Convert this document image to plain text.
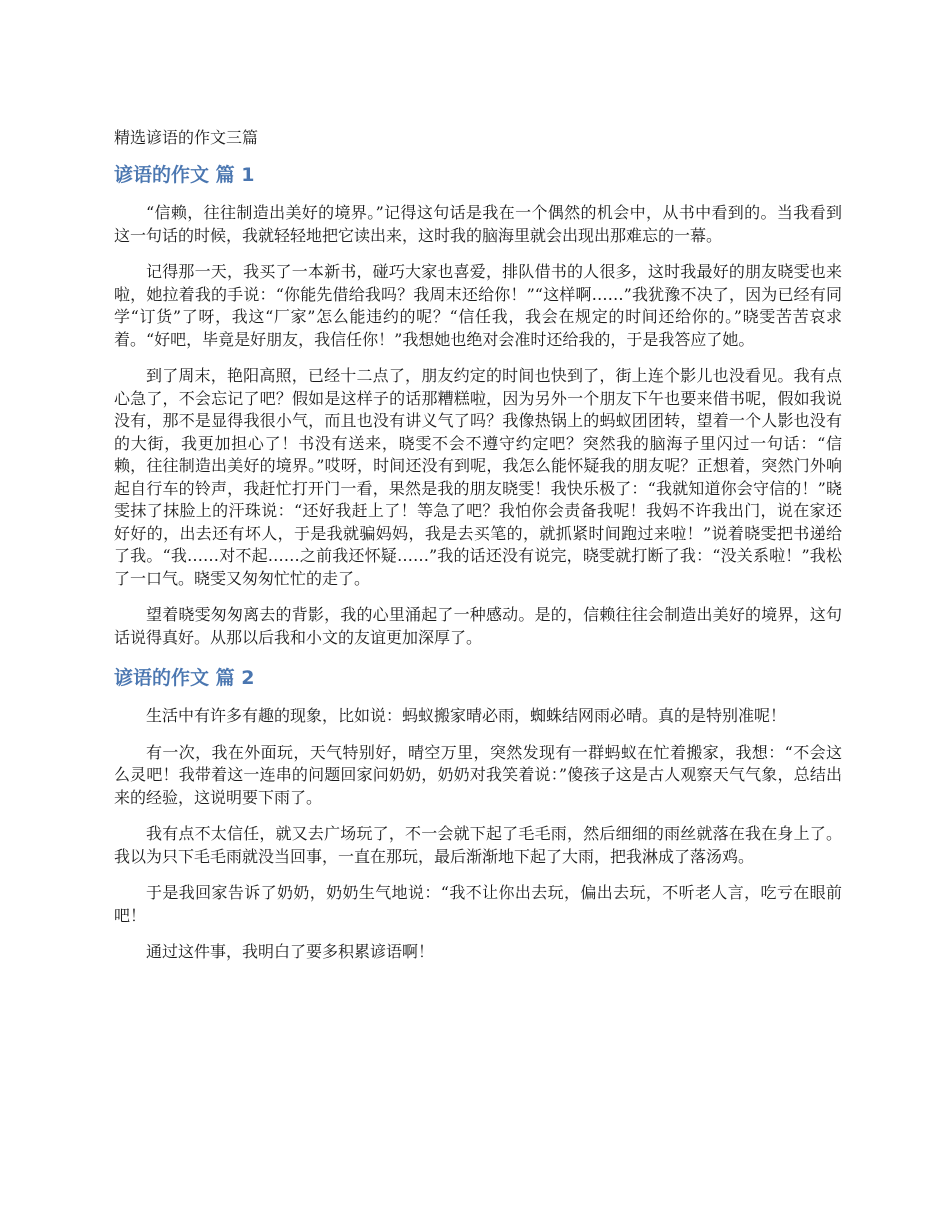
精选谚语的作文三篇
谚语的作文 篇 1

“信赖，往往制造出美好的境界。”记得这句话是我在一个偶然的机会中，从书中看到的。当我看到这一句话的时候，我就轻轻地把它读出来，这时我的脑海里就会出现出那难忘的一幕。

记得那一天，我买了一本新书，碰巧大家也喜爱，排队借书的人很多，这时我最好的朋友晓雯也来啦，她拉着我的手说：“你能先借给我吗？我周末还给你！”“这样啊……”我犹豫不决了，因为已经有同学“订货”了呀，我这“厂家”怎么能违约的呢？“信任我，我会在规定的时间还给你的。”晓雯苦苦哀求着。“好吧，毕竟是好朋友，我信任你！”我想她也绝对会准时还给我的，于是我答应了她。

到了周末，艳阳高照，已经十二点了，朋友约定的时间也快到了，街上连个影儿也没看见。我有点心急了，不会忘记了吧？假如是这样子的话那糟糕啦，因为另外一个朋友下午也要来借书呢，假如我说没有，那不是显得我很小气，而且也没有讲义气了吗？我像热锅上的蚂蚁团团转，望着一个人影也没有的大街，我更加担心了！书没有送来，晓雯不会不遵守约定吧？突然我的脑海子里闪过一句话：“信赖，往往制造出美好的境界。”哎呀，时间还没有到呢，我怎么能怀疑我的朋友呢？正想着，突然门外响起自行车的铃声，我赶忙打开门一看，果然是我的朋友晓雯！我快乐极了：“我就知道你会守信的！”晓雯抹了抹脸上的汗珠说：“还好我赶上了！等急了吧？我怕你会责备我呢！我妈不许我出门，说在家还好好的，出去还有坏人，于是我就骗妈妈，我是去买笔的，就抓紧时间跑过来啦！”说着晓雯把书递给了我。“我……对不起……之前我还怀疑……”我的话还没有说完，晓雯就打断了我：“没关系啦！”我松了一口气。晓雯又匆匆忙忙的走了。

望着晓雯匆匆离去的背影，我的心里涌起了一种感动。是的，信赖往往会制造出美好的境界，这句话说得真好。从那以后我和小文的友谊更加深厚了。

谚语的作文 篇 2

生活中有许多有趣的现象，比如说：蚂蚁搬家晴必雨，蜘蛛结网雨必晴。真的是特别准呢！

有一次，我在外面玩，天气特别好，晴空万里，突然发现有一群蚂蚁在忙着搬家，我想：“不会这么灵吧！我带着这一连串的问题回家问奶奶，奶奶对我笑着说：”傻孩子这是古人观察天气气象，总结出来的经验，这说明要下雨了。

我有点不太信任，就又去广场玩了，不一会就下起了毛毛雨，然后细细的雨丝就落在我在身上了。我以为只下毛毛雨就没当回事，一直在那玩，最后渐渐地下起了大雨，把我淋成了落汤鸡。

于是我回家告诉了奶奶，奶奶生气地说：“我不让你出去玩，偏出去玩，不听老人言，吃亏在眼前吧！

通过这件事，我明白了要多积累谚语啊！
